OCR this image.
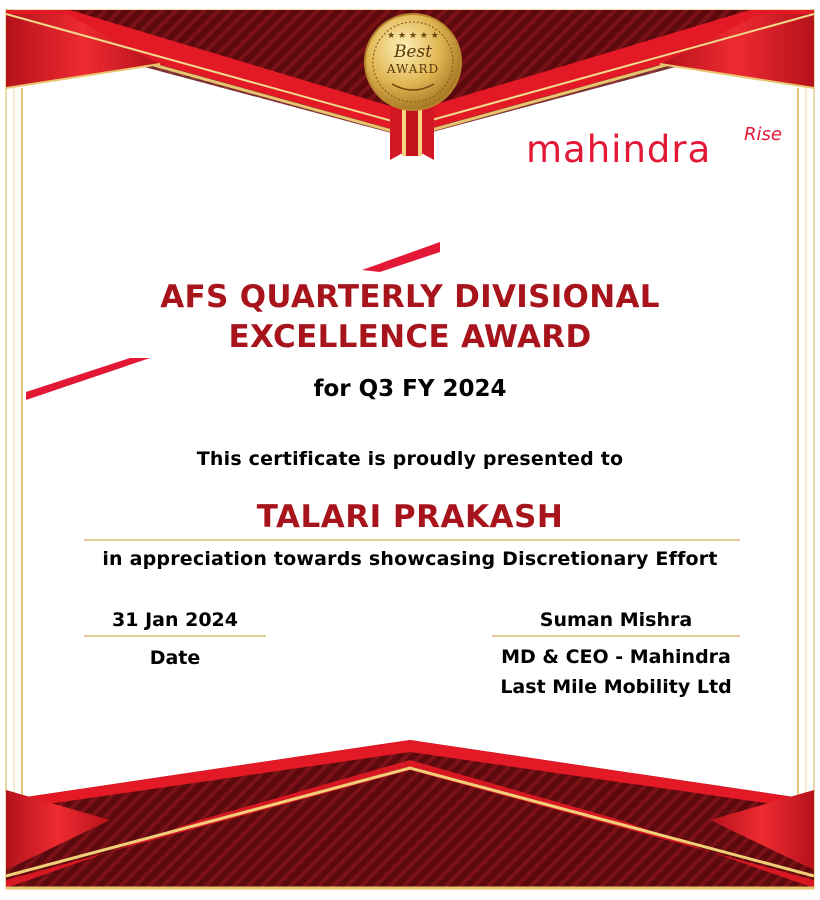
★ ★ ★ ★ ★
Best
AWARD
mahindra Rise
AFS QUARTERLY DIVISIONAL
EXCELLENCE AWARD
for Q3 FY 2024
This certificate is proudly presented to
TALARI PRAKASH
in appreciation towards showcasing Discretionary Effort
31 Jan 2024
Date
Suman Mishra
MD & CEO - Mahindra
Last Mile Mobility Ltd
